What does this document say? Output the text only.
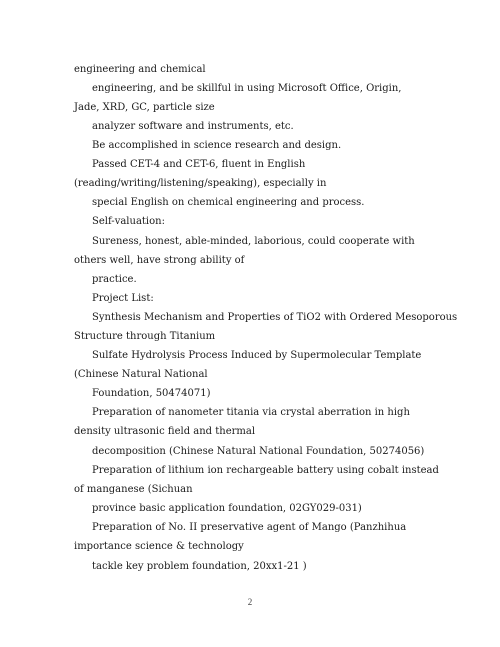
engineering and chemical
engineering, and be skillful in using Microsoft Office, Origin,
Jade, XRD, GC, particle size
analyzer software and instruments, etc.
Be accomplished in science research and design.
Passed CET-4 and CET-6, fluent in English
(reading/writing/listening/speaking), especially in
special English on chemical engineering and process.
Self-valuation:
Sureness, honest, able-minded, laborious, could cooperate with
others well, have strong ability of
practice.
Project List:
Synthesis Mechanism and Properties of TiO2 with Ordered Mesoporous
Structure through Titanium
Sulfate Hydrolysis Process Induced by Supermolecular Template
(Chinese Natural National
Foundation, 50474071)
Preparation of nanometer titania via crystal aberration in high
density ultrasonic field and thermal
decomposition (Chinese Natural National Foundation, 50274056)
Preparation of lithium ion rechargeable battery using cobalt instead
of manganese (Sichuan
province basic application foundation, 02GY029-031)
Preparation of No. II preservative agent of Mango (Panzhihua
importance science & technology
tackle key problem foundation, 20xx1-21 )
2
